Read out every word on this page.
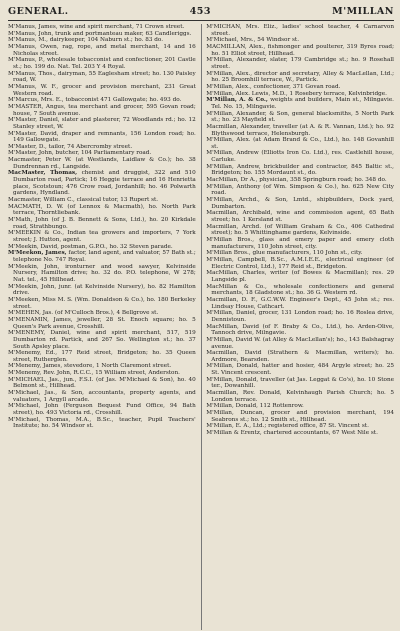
GENERAL.	453	M'MILLAN

M'Manus, James, wine and spirit merchant, 71 Crown street.

M'Manus, John, trunk and portmanteau maker, 63 Candleriggs.

M'Manus, M., dairykeeper, 104 Naburn st.; ho. 83 do.

M'Manus, Owen, rag, rope, and metal merchant, 14 and 16 Nicholas street.

M'Manus, P., wholesale tobacconist and confectioner, 201 Castle st.; ho. 199 do. Nat. Tel. 203 Y 4 Royal.

M'Manus, Thos., dairyman, 55 Eaglesham street; ho. 130 Paisley road, W.

M'Manus, W. F., grocer and provision merchant, 231 Great Western road.

M'Marcus, Mrs. E., tobacconist 471 Gallowgate; ho. 493 do.

M'MASTER, Angus, tea merchant and grocer, 595 Govan road; house, 7 South avenue.

M'Master, Daniel, slater and plasterer, 72 Woodlands rd.; ho. 12 Stanley street, W.

M'Master, David, draper and remnants, 156 London road; ho. 149 Gallowgate.

M'Master, D., tailor, 74 Abercromby street.

M'Master, John, butcher, 104 Parliamentary road.

Macmaster, Peter W. (at Westlands, Laidlaw & Co.); ho. 38 Dundrennan rd., Langside.

MacMaster, Thomas, chemist and druggist, 322 and 510 Dumbarton road, Partick; 16 Heggie terrace and 16 Henrietta place, Scotstoun; 476 Crow road, Jordanhill; ho. 46 Polwarth gardens, Hyndland.

Macmaster, William C., classical tutor, 13 Rupert st.

MACMATH, D. W. (of Lennox & Macmath), ho. North Park terrace, Thorntliebank.

M'Math, John (of J. B. Bennett & Sons, Ltd.), ho. 20 Kirkdale road, Strathbungo.

M'MEEKIN & Co., Indian tea growers and importers, 7 York street; J. Hutton, agent.

M'Meekin, David, postman, G.P.O., ho. 32 Steven parade.

M'Meekon, James, factor, land agent, and valuator, 57 Bath st.; telephone No. 747 Royal.

M'Meekin, John, ironturner and wood sawyer, Kelvinside Nursery, Hamilton drive; ho. 32 do. P.O. telephone, W 278; Nat. tel., 45 Hillhead.

M'Meekin, John, junr. (at Kelvinside Nursery), ho. 82 Hamilton drive.

M'Meeken, Miss M. S. (Wm. Donaldson & Co.), ho. 180 Berkeley street.

M'MEHEN, Jas. (of M'Culloch Bros.), 4 Bellgrove st.

M'MENAMIN, James, jeweller, 28 St. Enoch square; ho. 5 Queen's Park avenue, Crosshill.

M'MENEMY, Daniel, wine and spirit merchant, 517, 519 Dumbarton rd. Partick, and 267 So. Wellington st.; ho. 37 South Apsley place.

M'Menemy, Ed., 177 Reid street, Bridgeton; ho. 35 Queen street, Rutherglen.

M'Menemy, James, stevedore, 1 North Claremont street.

M'Menemy, Rev. John, R.C.C., 15 William street, Anderston.

M'MICHAEL, Jas., jun., F.S.I. (of Jas. M'Michael & Son), ho. 40 Belmont st., Hillhead.

M'Michael, Jas., & Son, accountants, property agents, and valuators, 1 Argyll arcade.

M'Michael, John (Ferguson Bequest Fund Office, 94 Bath street), ho. 493 Victoria rd., Crosshill.

M'Michael, Thomas, M.A., B.Sc., teacher, Pupil Teachers' Institute; ho. 54 Windsor st.

M'MICHAN, Mrs. Eliz., ladies' school teacher, 4 Carnarvon street.

M'Michael, Mrs., 54 Windsor st.

MACMILLAN, Alex., fishmonger and poulterer, 319 Byres road; ho. 51 Elliot street, Hillhead.

M'Millan, Alexander, slater, 179 Cambridge st.; ho. 9 Rosehall street.

M'Millan, Alex., director and secretary, Alley & MacLellan, Ltd.; ho. 25 Broomhill terrace, W., Partick.

M'Millan, Alex., confectioner, 371 Govan road.

M'Millan, Alex. Lewis, M.D., 1 Rosebery terrace, Kelvinbridge.

M'Millan, A. & Co., weights and builders, Main st., Milngavie. Tel. No. 15, Milngavie.

M'Millan, Alexander, & Son, general blacksmiths, 5 North Park st.; ho. 23 Mayfield st.

Macmillan, Alexander, traveller (at A. & R. Vannan, Ltd.); ho. 92 Blythswood terrace, Helensburgh.

M'Millan, Alex. (at Adam Brand & Co., Ltd.), ho. 148 Govanhill st.

M'Millan, Andrew (Elliotts Iron Co. Ltd.), res. Castlehill house, Carluke.

M'Millan, Andrew, brickbuilder and contractor, 845 Baltic st., Bridgeton; ho. 155 Mordaunt st., do.

MacMillan, Dr A., physician, 358 Springburn road; ho. 348 do.

M'Millan, Anthony (of Wm. Simpson & Co.), ho. 625 New City road.

M'Millan, Archd., & Son, Lmtd., shipbuilders, Dock yard, Dumbarton.

Macmillan, Archibald, wine and commission agent, 65 Bath street; ho. 1 Kersland st.

Macmillan, Archd. (of William Graham & Co., 406 Cathedral street); ho. 5 Whittinghame gardens, Kelvinside.

M'Millan Bros., glass and emery paper and emery cloth manufacturers, 110 John street, city.

M'Millan Bros., glue manufacturers, 110 John st., city.

M'Millan, Campbell, B.Sc., A.M.I.E.E., electrical engineer (of Electric Control, Ltd.), 177 Reid st., Bridgeton.

MacMillan, Charles, writer (of Bowes & Macmillan); res. 29 Langside pl.

MacMillan & Co., wholesale confectioners and general merchants, 18 Gladstone st.; ho. 36 G. Western rd.

Macmillan, D. F., G.C.W.W. Engineer's Dept., 45 John st.; res. Lindsay House, Cathcart.

M'Millan, Daniel, grocer, 131 London road; ho. 16 Roslea drive, Dennistoun.

MacMillan, David (of F. Braby & Co., Ltd.), ho. Arden-Olive, Tannoch drive, Milngavie.

M'Millan, David W. (at Alley & MacLellan's); ho., 143 Balshagray avenue.

Macmillan, David (Strathern & Macmillan, writers); ho. Ardmore, Bearsden.

M'Millan, Donald, hatter and hosier, 484 Argyle street; ho. 25 St. Vincent crescent.

M'Millan, Donald, traveller (at Jas. Leggat & Co's), ho. 10 Stone ter., Dowanhill.

Macmillan, Rev. Donald, Kelvinhaugh Parish Church; ho. 5 London terrace.

M'Millan, Donald, 112 Rottenrow.

M'Millan, Duncan, grocer and provision merchant, 194 Seabrons st.; ho. 12 Smith st., Hillhead.

M'Millan, E. A., Ltd.; registered office, 87 St. Vincent st.

M'Millan & Erentz, chartered accountants, 67 West Nile st.
